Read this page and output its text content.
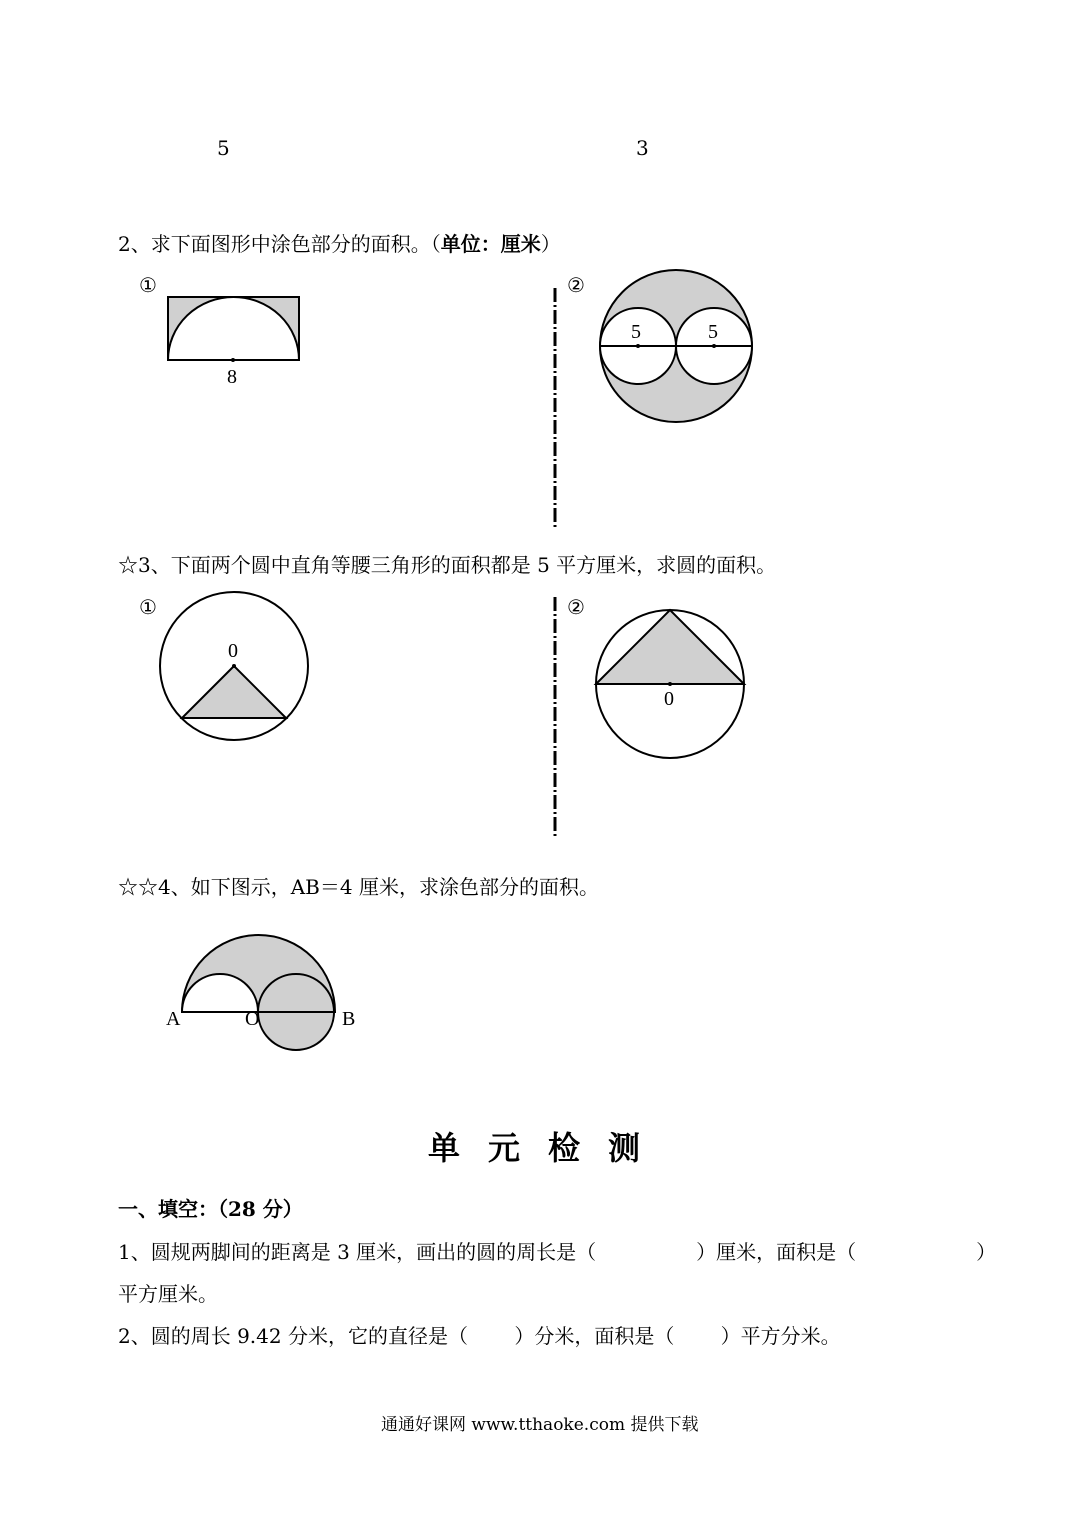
5	3
2、求下面图形中涂色部分的面积。（单位：厘米）
①
8
②
5	5
☆3、下面两个圆中直角等腰三角形的面积都是 5 平方厘米，求圆的面积。
①
0
②
0
☆☆4、如下图示，AB＝4 厘米，求涂色部分的面积。
A	O	B
单元检测
一、填空：（28 分）
1、圆规两脚间的距离是 3 厘米，画出的圆的周长是（　　　　　）厘米，面积是（　　　　　　）
平方厘米。
2、圆的周长 9.42 分米，它的直径是（　　 ）分米，面积是（　　 ）平方分米。
通通好课网 www.tthaoke.com 提供下载
